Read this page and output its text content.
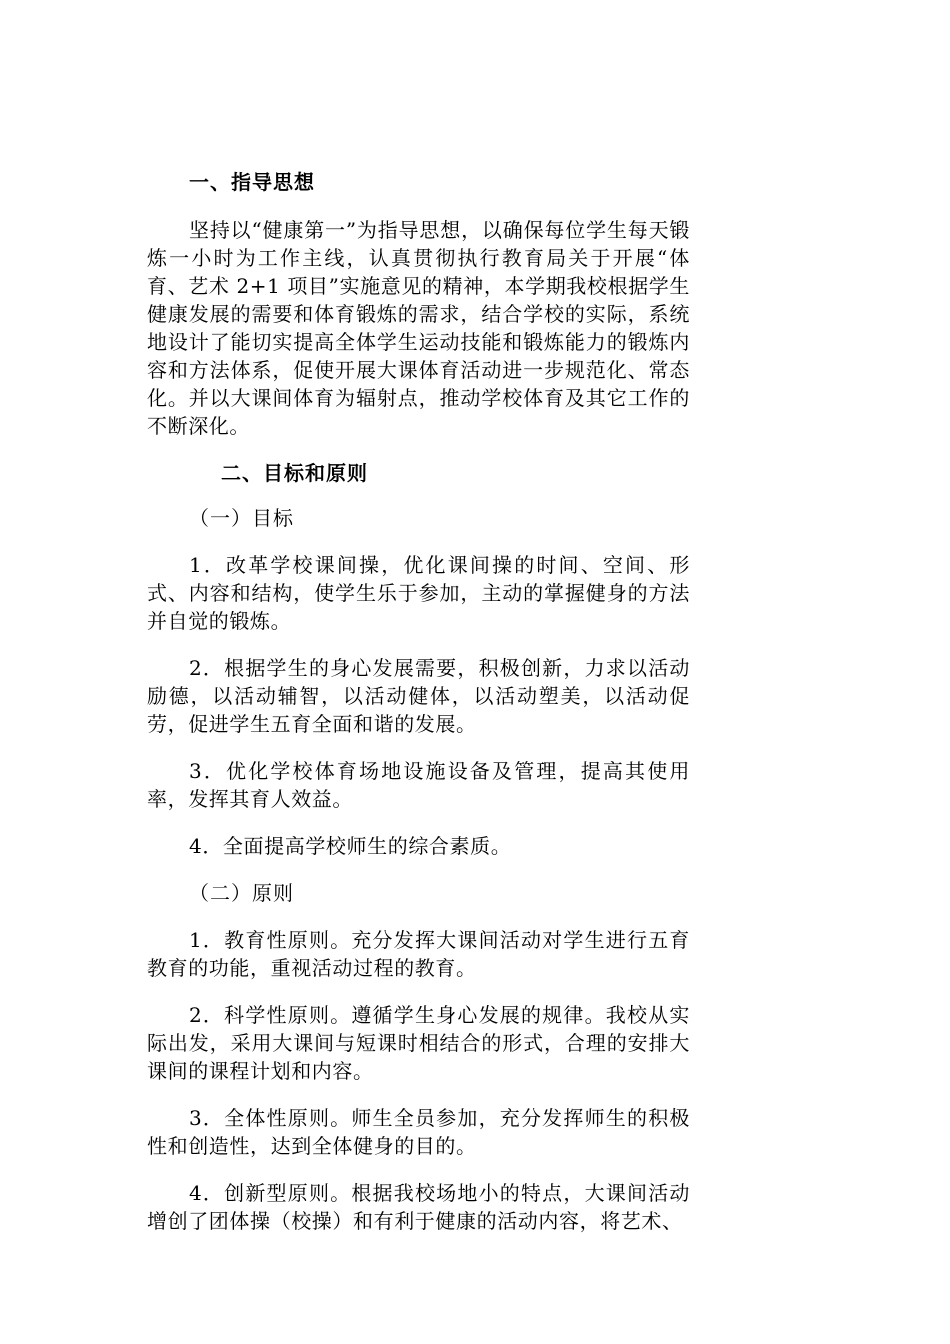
一、指导思想

坚持以“健康第一”为指导思想，以确保每位学生每天锻炼一小时为工作主线，认真贯彻执行教育局关于开展“体育、艺术 2+1 项目”实施意见的精神，本学期我校根据学生健康发展的需要和体育锻炼的需求，结合学校的实际，系统地设计了能切实提高全体学生运动技能和锻炼能力的锻炼内容和方法体系，促使开展大课体育活动进一步规范化、常态化。并以大课间体育为辐射点，推动学校体育及其它工作的不断深化。

二、目标和原则

（一）目标

1．改革学校课间操，优化课间操的时间、空间、形式、内容和结构，使学生乐于参加，主动的掌握健身的方法并自觉的锻炼。

2．根据学生的身心发展需要，积极创新，力求以活动励德，以活动辅智，以活动健体，以活动塑美，以活动促劳，促进学生五育全面和谐的发展。

3．优化学校体育场地设施设备及管理，提高其使用率，发挥其育人效益。

4．全面提高学校师生的综合素质。

（二）原则

1．教育性原则。充分发挥大课间活动对学生进行五育教育的功能，重视活动过程的教育。

2．科学性原则。遵循学生身心发展的规律。我校从实际出发，采用大课间与短课时相结合的形式，合理的安排大课间的课程计划和内容。

3．全体性原则。师生全员参加，充分发挥师生的积极性和创造性，达到全体健身的目的。

4．创新型原则。根据我校场地小的特点，大课间活动增创了团体操（校操）和有利于健康的活动内容，将艺术、
